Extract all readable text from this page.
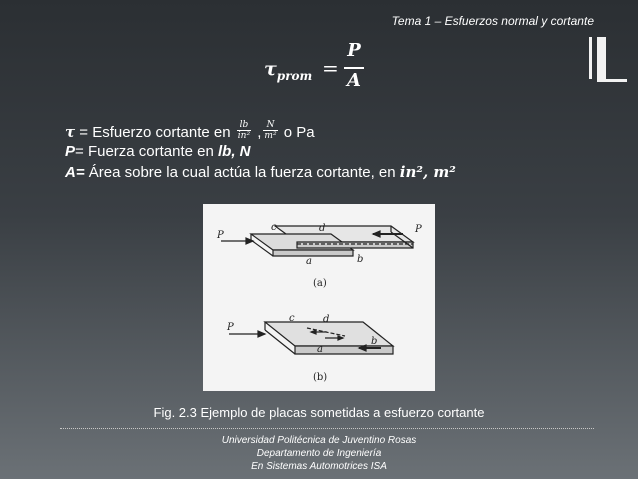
Tema 1 – Esfuerzos normal y cortante
$\tau_{prom}$ =
P
A
τ = Esfuerzo cortante en $\frac{lb}{\text{in²}}$ , $\frac{N}{\text{m²}}$ o Pa
P= Fuerza cortante en lb, N
A= Área sobre la cual actúa la fuerza cortante, en in², m²
P
c	d	P
a	b
(a)
P
c	d
a
b
(b)
Fig. 2.3 Ejemplo de placas sometidas a esfuerzo cortante
Universidad Politécnica de Juventino Rosas
Departamento de Ingeniería
En Sistemas Automotrices ISA
